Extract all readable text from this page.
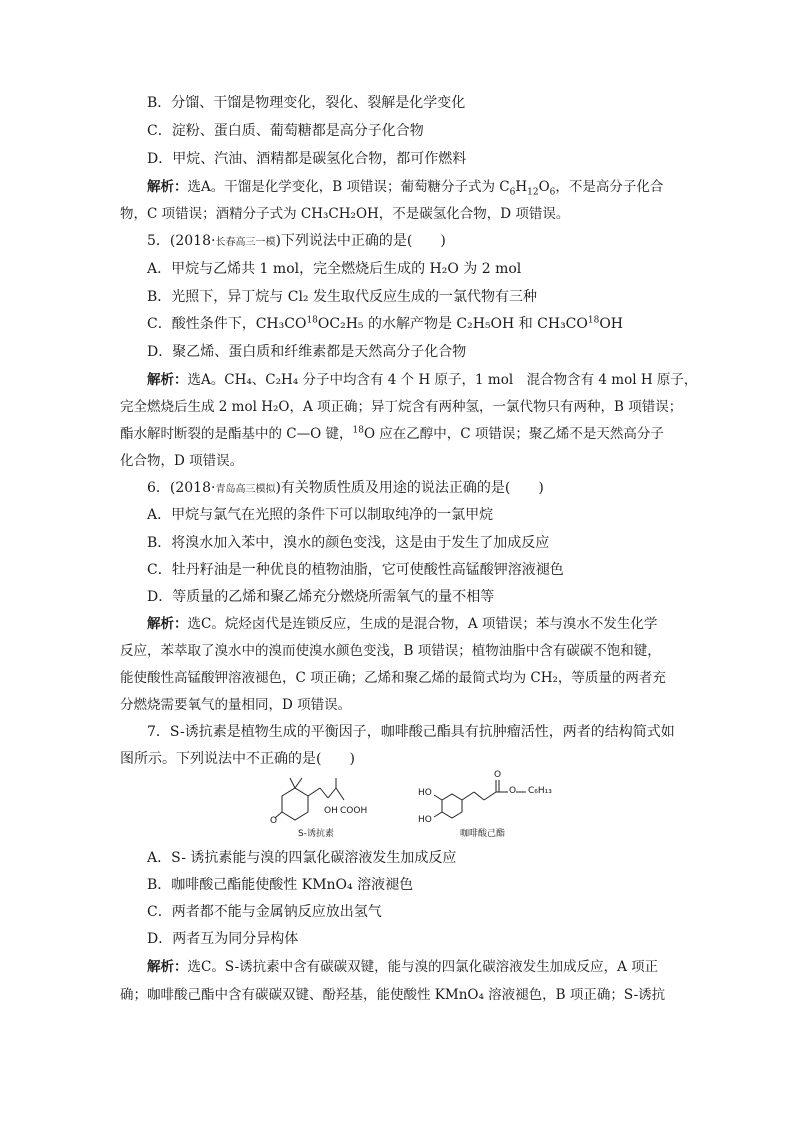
B．分馏、干馏是物理变化，裂化、裂解是化学变化
C．淀粉、蛋白质、葡萄糖都是高分子化合物
D．甲烷、汽油、酒精都是碳氢化合物，都可作燃料
解析：选A。干馏是化学变化，B 项错误；葡萄糖分子式为 $C_6H_{12}O_6$，不是高分子化合
物，C 项错误；酒精分子式为 CH₃CH₂OH，不是碳氢化合物，D 项错误。
5．(2018·长春高三一模)下列说法中正确的是(　　)
A．甲烷与乙烯共 1 mol，完全燃烧后生成的 H₂O 为 2 mol
B．光照下，异丁烷与 Cl₂ 发生取代反应生成的一氯代物有三种
C．酸性条件下，CH₃CO$^{18}$OC₂H₅ 的水解产物是 C₂H₅OH 和 CH₃CO$^{18}$OH
D．聚乙烯、蛋白质和纤维素都是天然高分子化合物
解析：选A。CH₄、C₂H₄ 分子中均含有 4 个 H 原子，1 mol　混合物含有 4 mol H 原子，
完全燃烧后生成 2 mol H₂O，A 项正确；异丁烷含有两种氢，一氯代物只有两种，B 项错误；
酯水解时断裂的是酯基中的 C—O 键，$^{18}$O 应在乙醇中，C 项错误；聚乙烯不是天然高分子
化合物，D 项错误。
6．(2018·青岛高三模拟)有关物质性质及用途的说法正确的是(　　)
A．甲烷与氯气在光照的条件下可以制取纯净的一氯甲烷
B．将溴水加入苯中，溴水的颜色变浅，这是由于发生了加成反应
C．牡丹籽油是一种优良的植物油脂，它可使酸性高锰酸钾溶液褪色
D．等质量的乙烯和聚乙烯充分燃烧所需氧气的量不相等
解析：选C。烷烃卤代是连锁反应，生成的是混合物，A 项错误；苯与溴水不发生化学
反应，苯萃取了溴水中的溴而使溴水颜色变浅，B 项错误；植物油脂中含有碳碳不饱和键，
能使酸性高锰酸钾溶液褪色，C 项正确；乙烯和聚乙烯的最简式均为 CH₂，等质量的两者充
分燃烧需要氧气的量相同，D 项错误。
7．S-诱抗素是植物生成的平衡因子，咖啡酸己酯具有抗肿瘤活性，两者的结构简式如
图所示。下列说法中不正确的是(　　)
OH COOH
O
S-诱抗素
HO
HO
O
O C₆H₁₃
咖啡酸己酯
A．S- 诱抗素能与溴的四氯化碳溶液发生加成反应
B．咖啡酸己酯能使酸性 KMnO₄ 溶液褪色
C．两者都不能与金属钠反应放出氢气
D．两者互为同分异构体
解析：选C。S-诱抗素中含有碳碳双键，能与溴的四氯化碳溶液发生加成反应，A 项正
确；咖啡酸己酯中含有碳碳双键、酚羟基，能使酸性 KMnO₄ 溶液褪色，B 项正确；S-诱抗
